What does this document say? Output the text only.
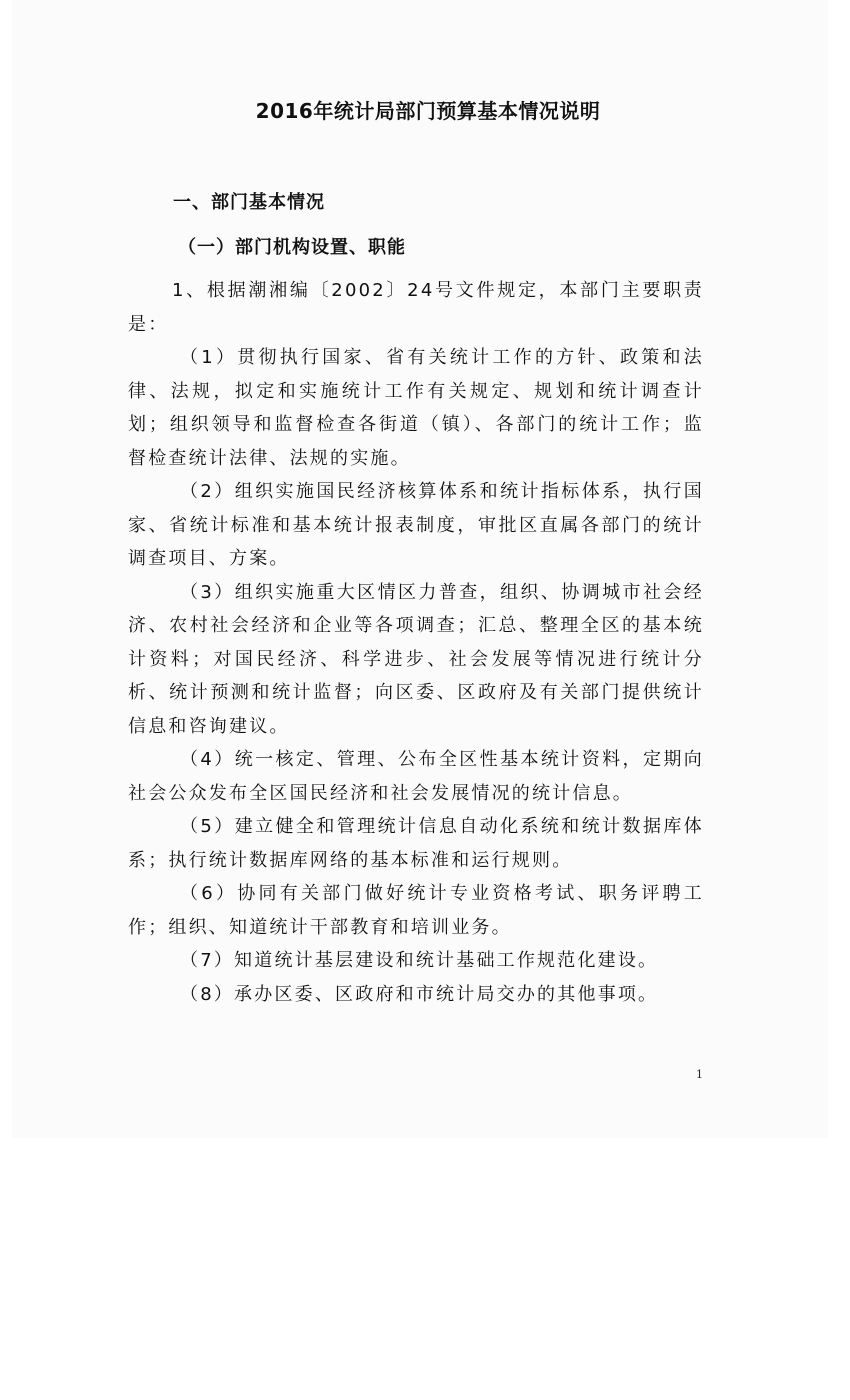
2016年统计局部门预算基本情况说明

一、部门基本情况

（一）部门机构设置、职能

1、根据潮湘编〔2002〕24号文件规定，本部门主要职责是：

（1）贯彻执行国家、省有关统计工作的方针、政策和法律、法规，拟定和实施统计工作有关规定、规划和统计调查计划；组织领导和监督检查各街道（镇）、各部门的统计工作；监督检查统计法律、法规的实施。

（2）组织实施国民经济核算体系和统计指标体系，执行国家、省统计标准和基本统计报表制度，审批区直属各部门的统计调查项目、方案。

（3）组织实施重大区情区力普查，组织、协调城市社会经济、农村社会经济和企业等各项调查；汇总、整理全区的基本统计资料；对国民经济、科学进步、社会发展等情况进行统计分析、统计预测和统计监督；向区委、区政府及有关部门提供统计信息和咨询建议。

（4）统一核定、管理、公布全区性基本统计资料，定期向社会公众发布全区国民经济和社会发展情况的统计信息。

（5）建立健全和管理统计信息自动化系统和统计数据库体系；执行统计数据库网络的基本标准和运行规则。

（6）协同有关部门做好统计专业资格考试、职务评聘工作；组织、知道统计干部教育和培训业务。

（7）知道统计基层建设和统计基础工作规范化建设。

（8）承办区委、区政府和市统计局交办的其他事项。

1
